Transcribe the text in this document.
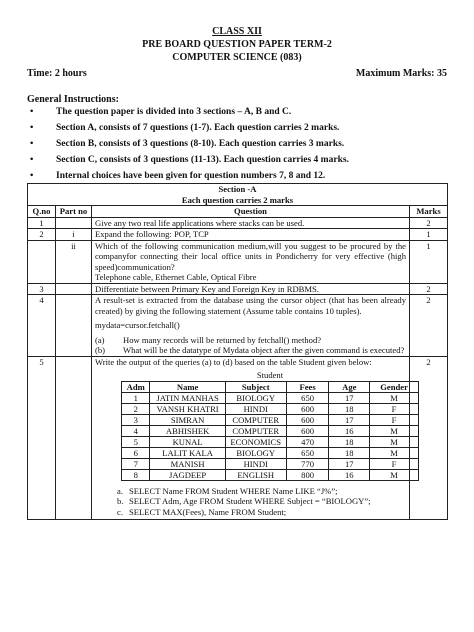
CLASS XII
PRE BOARD QUESTION PAPER TERM-2
COMPUTER SCIENCE (083)
Time: 2 hours	Maximum Marks: 35
General Instructions:
• The question paper is divided into 3 sections – A, B and C.
• Section A, consists of 7 questions (1-7). Each question carries 2 marks.
• Section B, consists of 3 questions (8-10). Each question carries 3 marks.
• Section C, consists of 3 questions (11-13). Each question carries 4 marks.
• Internal choices have been given for question numbers 7, 8 and 12.
Section -A
Each question carries 2 marks

Q.no	Part no	Question	Marks
1		Give any two real life applications where stacks can be used.	2
2	i	Expand the following: POP, TCP	1
	ii	Which of the following communication medium,will you suggest to be procured by the companyfor connecting their local office units in Pondicherry for very effective (high speed)communication?
Telephone cable, Ethernet Cable, Optical Fibre
	1
3		Differentiate between Primary Key and Foreign Key in RDBMS.	2
4		A result-set is extracted from the database using the cursor object (that has been already created) by giving the following statement (Assume table contains 10 tuples).
mydata=cursor.fetchall()
(a)	How many records will be returned by fetchall() method?
(b)	What will be the datatype of Mydata object after the given command is executed?
	2
5		Write the output of the queries (a) to (d) based on the table Student given below:
Student
Adm	Name	Subject	Fees	Age	Gender
1	JATIN MANHAS	BIOLOGY	650	17	M
2	VANSH KHATRI	HINDI	600	18	F
3	SIMRAN	COMPUTER	600	17	F
4	ABHISHEK	COMPUTER	600	16	M
5	KUNAL	ECONOMICS	470	18	M
6	LALIT KALA	BIOLOGY	650	18	M
7	MANISH	HINDI	770	17	F
8	JAGDEEP	ENGLISH	800	16	M
a. SELECT Name FROM Student WHERE Name LIKE “J%”;
b. SELECT Adm, Age FROM Student WHERE Subject = “BIOLOGY”;
c. SELECT MAX(Fees), Name FROM Student;
	2
